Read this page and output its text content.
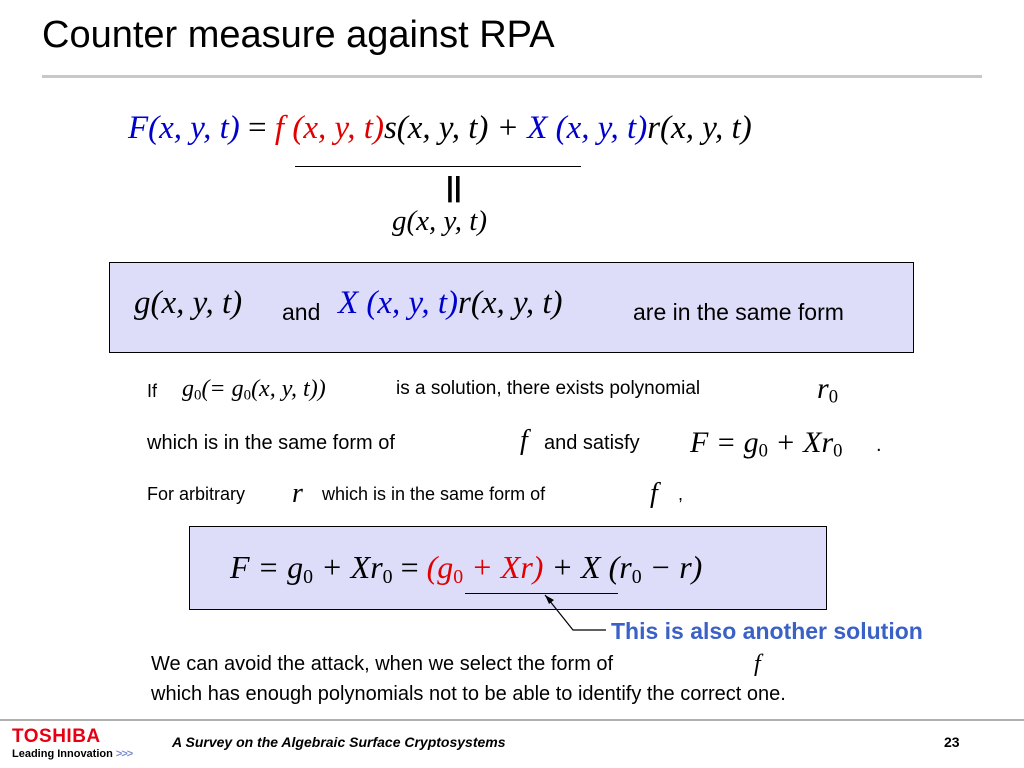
Counter measure against RPA
F(x, y, t) = f (x, y, t)s(x, y, t) + X (x, y, t)r(x, y, t)
||
g(x, y, t)
g(x, y, t) and X (x, y, t)r(x, y, t)	are in the same form
If $g_0(= g_0(x$, y, t))	is a solution, there exists polynomial	$r_0$
which is in the same form of	f and satisfy $F = g_0 + Xr_0$ .
For arbitrary r which is in the same form of	f ,
$F = g_0 + Xr_0 = (g_0 + Xr) + X$ $(r_0 - r)$
This is also another solution
We can avoid the attack, when we select the form of	f
which has enough polynomials not to be able to identify the correct one.
TOSHIBA
Leading Innovation >>>
A Survey on the Algebraic Surface Cryptosystems	23
